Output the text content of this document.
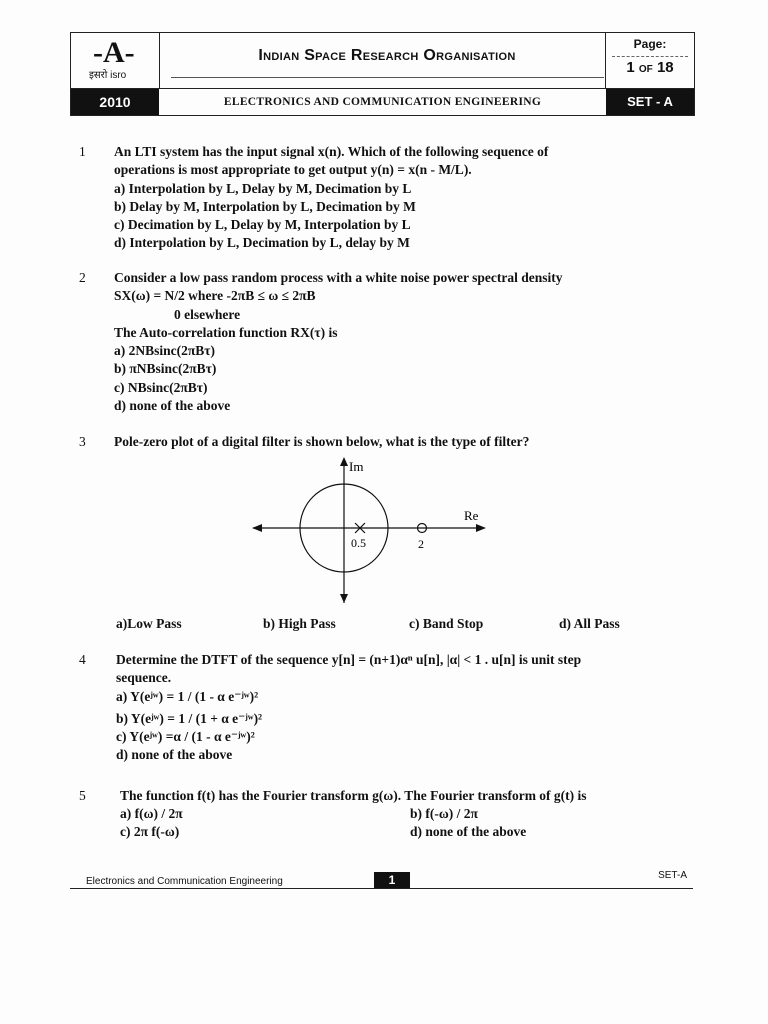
-A-
इसरो isro
Indian Space Research Organisation
Page:
1 OF 18
2010	ELECTRONICS AND COMMUNICATION ENGINEERING	SET - A
1 An LTI system has the input signal x(n). Which of the following sequence of
operations is most appropriate to get output y(n) = x(n - M/L).
a) Interpolation by L, Delay by M, Decimation by L
b) Delay by M, Interpolation by L, Decimation by M
c) Decimation by L, Delay by M, Interpolation by L
d) Interpolation by L, Decimation by L, delay by M
2 Consider a low pass random process with a white noise power spectral density
SX(ω) = N/2 where -2πB ≤ ω ≤ 2πB
0 elsewhere
The Auto-correlation function RX(τ) is
a) 2NBsinc(2πBτ)
b) πNBsinc(2πBτ)
c) NBsinc(2πBτ)
d) none of the above
3 Pole-zero plot of a digital filter is shown below, what is the type of filter?
Im
Re
0.5	2
a)Low Pass	b) High Pass	c) Band Stop	d) All Pass
4 Determine the DTFT of the sequence y[n] = (n+1)αⁿ u[n], |α| < 1 . u[n] is unit step
sequence.
a) Y(eʲʷ) = 1 / (1 - α e⁻ʲʷ)²
b) Y(eʲʷ) = 1 / (1 + α e⁻ʲʷ)²
c) Y(eʲʷ) =α / (1 - α e⁻ʲʷ)²
d) none of the above
5	The function f(t) has the Fourier transform g(ω). The Fourier transform of g(t) is
a) f(ω) / 2π	b) f(-ω) / 2π
c) 2π f(-ω)	d) none of the above
Electronics and Communication Engineering	1	SET-A
